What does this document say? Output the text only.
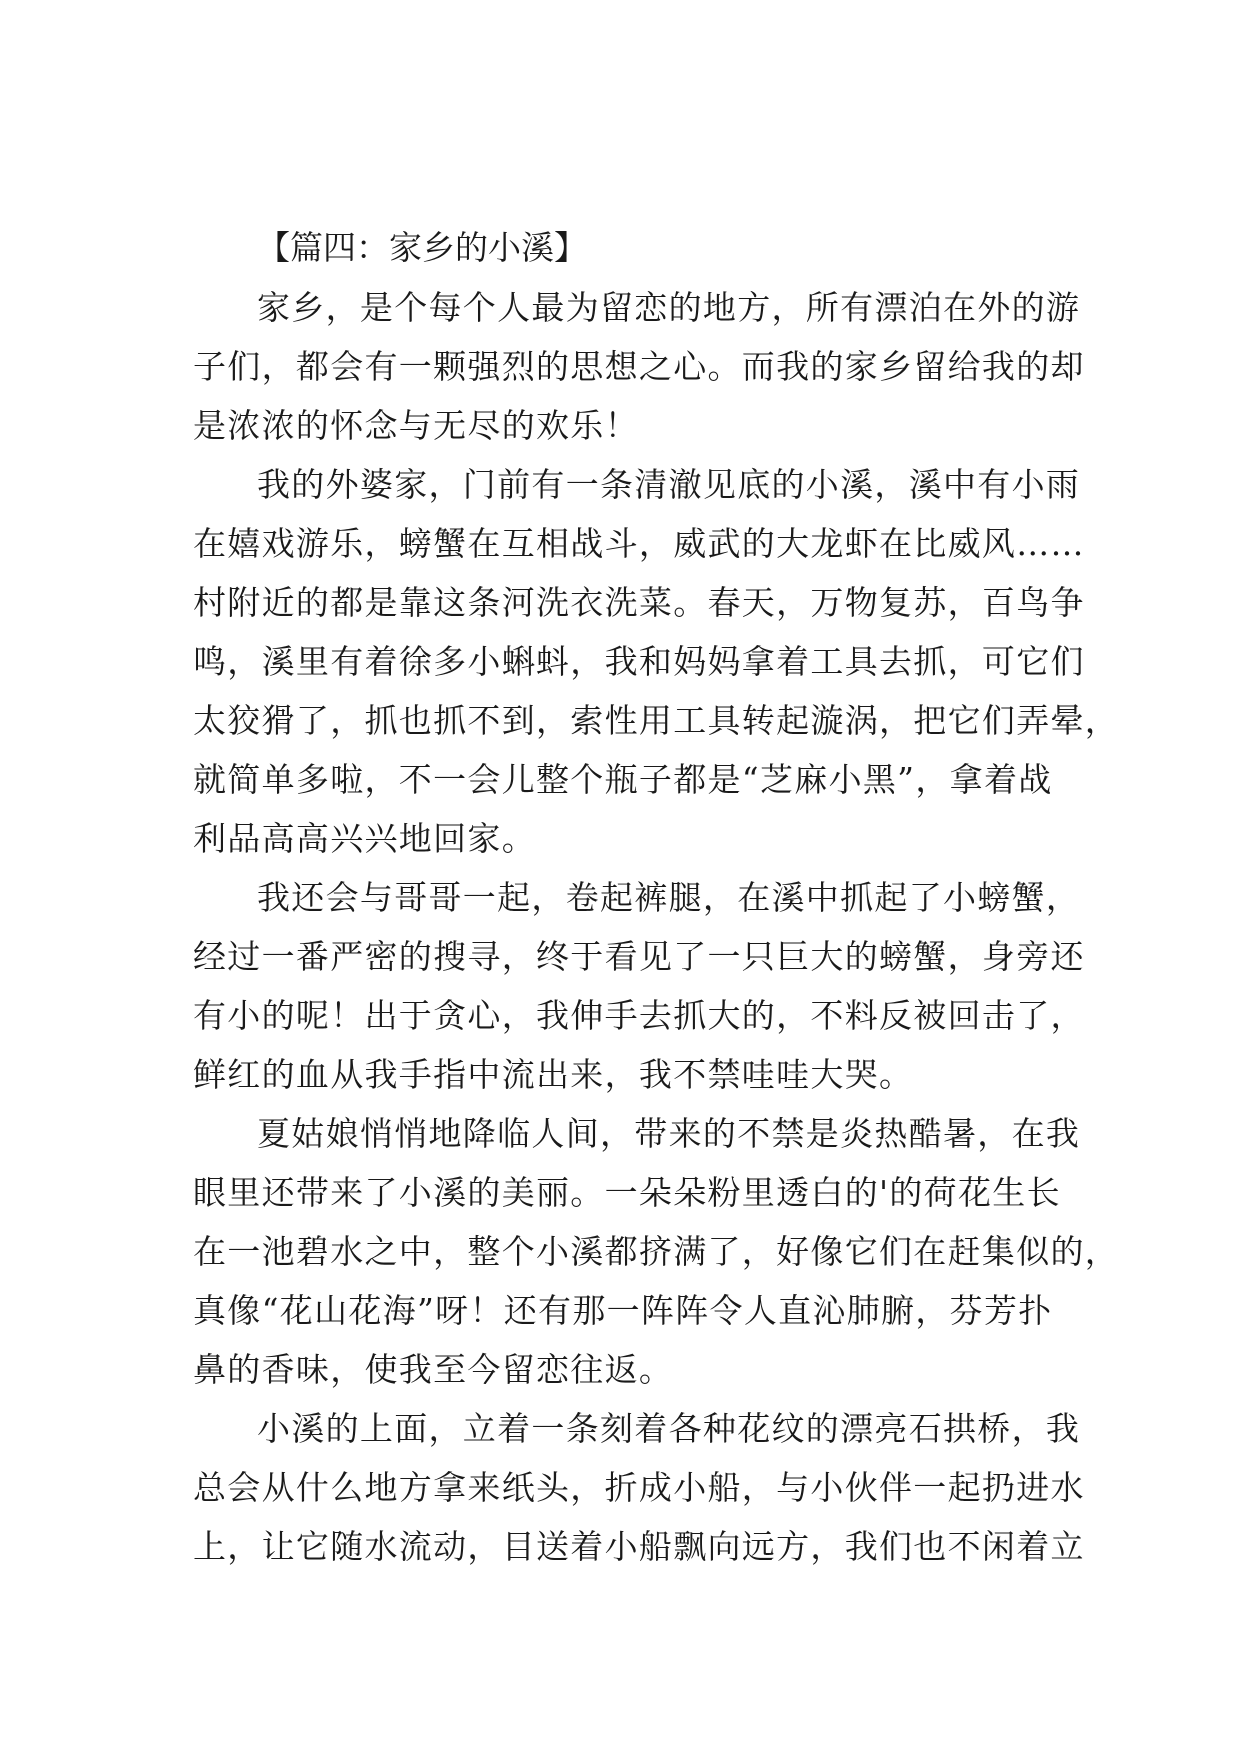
【篇四：家乡的小溪】
家乡，是个每个人最为留恋的地方，所有漂泊在外的游
子们，都会有一颗强烈的思想之心。而我的家乡留给我的却
是浓浓的怀念与无尽的欢乐！
我的外婆家，门前有一条清澈见底的小溪，溪中有小雨
在嬉戏游乐，螃蟹在互相战斗，威武的大龙虾在比威风……
村附近的都是靠这条河洗衣洗菜。春天，万物复苏，百鸟争
鸣，溪里有着徐多小蝌蚪，我和妈妈拿着工具去抓，可它们
太狡猾了，抓也抓不到，索性用工具转起漩涡，把它们弄晕，
就简单多啦，不一会儿整个瓶子都是“芝麻小黑”，拿着战
利品高高兴兴地回家。
我还会与哥哥一起，卷起裤腿，在溪中抓起了小螃蟹，
经过一番严密的搜寻，终于看见了一只巨大的螃蟹，身旁还
有小的呢！出于贪心，我伸手去抓大的，不料反被回击了，
鲜红的血从我手指中流出来，我不禁哇哇大哭。
夏姑娘悄悄地降临人间，带来的不禁是炎热酷暑，在我
眼里还带来了小溪的美丽。一朵朵粉里透白的'的荷花生长
在一池碧水之中，整个小溪都挤满了，好像它们在赶集似的，
真像“花山花海”呀！还有那一阵阵令人直沁肺腑，芬芳扑
鼻的香味，使我至今留恋往返。
小溪的上面，立着一条刻着各种花纹的漂亮石拱桥，我
总会从什么地方拿来纸头，折成小船，与小伙伴一起扔进水
上，让它随水流动，目送着小船飘向远方，我们也不闲着立
